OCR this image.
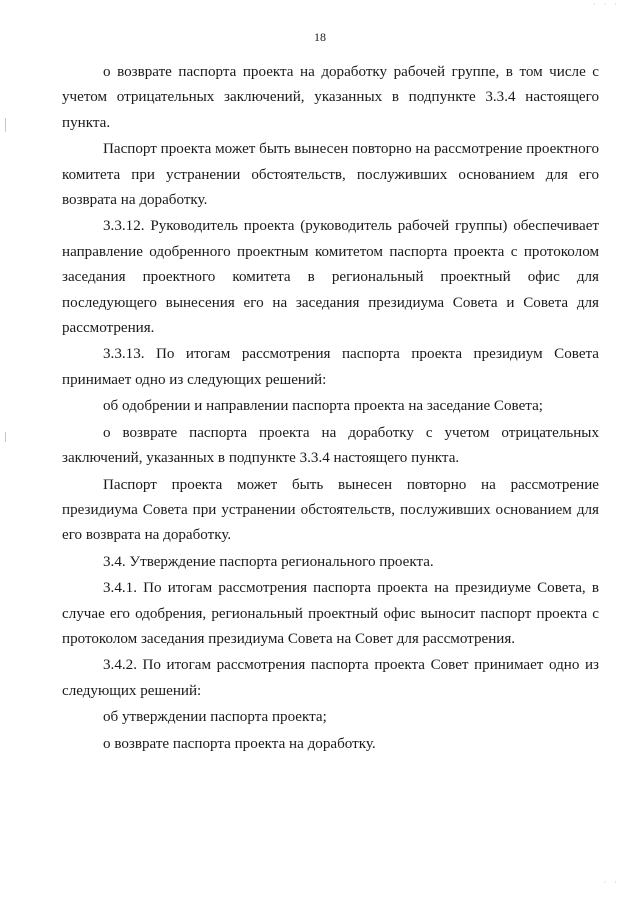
18

о возврате паспорта проекта на доработку рабочей группе, в том числе с учетом отрицательных заключений, указанных в подпункте 3.3.4 настоящего пункта.

Паспорт проекта может быть вынесен повторно на рассмотрение проектного комитета при устранении обстоятельств, послуживших основанием для его возврата на доработку.

3.3.12. Руководитель проекта (руководитель рабочей группы) обеспечивает направление одобренного проектным комитетом паспорта проекта с протоколом заседания проектного комитета в региональный проектный офис для последующего вынесения его на заседания президиума Совета и Совета для рассмотрения.

3.3.13. По итогам рассмотрения паспорта проекта президиум Совета принимает одно из следующих решений:

об одобрении и направлении паспорта проекта на заседание Совета;

о возврате паспорта проекта на доработку с учетом отрицательных заключений, указанных в подпункте 3.3.4 настоящего пункта.

Паспорт проекта может быть вынесен повторно на рассмотрение президиума Совета при устранении обстоятельств, послуживших основанием для его возврата на доработку.

3.4. Утверждение паспорта регионального проекта.

3.4.1. По итогам рассмотрения паспорта проекта на президиуме Совета, в случае его одобрения, региональный проектный офис выносит паспорт проекта с протоколом заседания президиума Совета на Совет для рассмотрения.

3.4.2. По итогам рассмотрения паспорта проекта Совет принимает одно из следующих решений:

об утверждении паспорта проекта;

о возврате паспорта проекта на доработку.

· · ·
· ·
